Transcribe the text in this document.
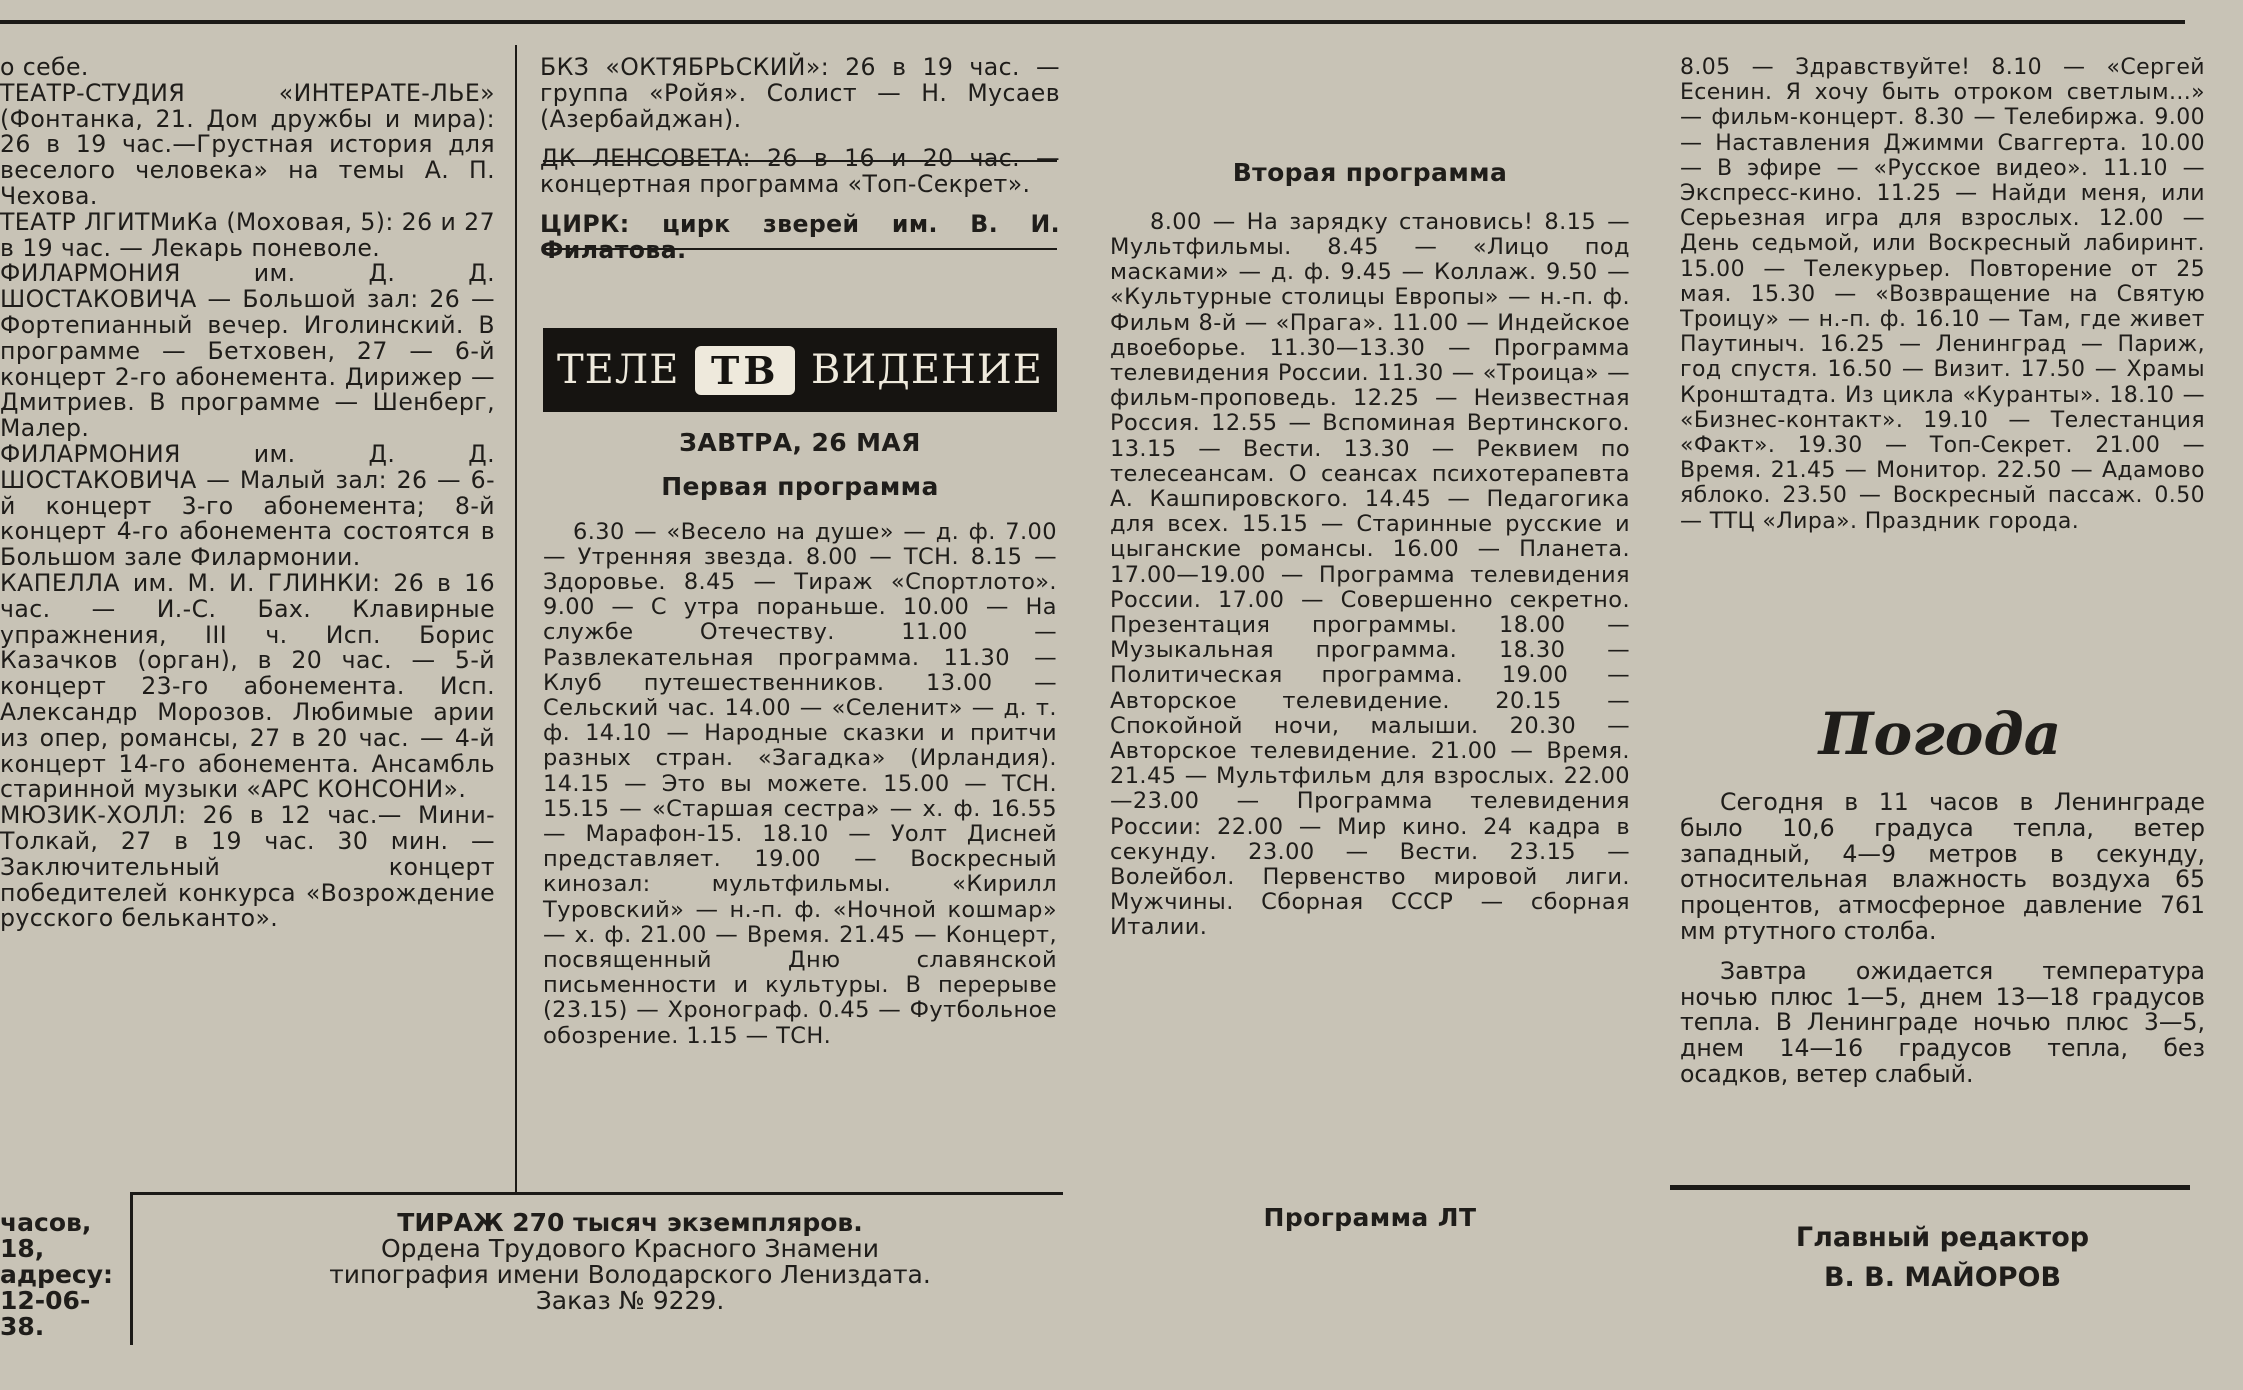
о себе.

ТЕАТР-СТУДИЯ «ИНТЕРАТЕ-ЛЬЕ» (Фонтанка, 21. Дом дружбы и мира): 26 в 19 час.—Грустная история для веселого человека» на темы А. П. Чехова.

ТЕАТР ЛГИТМиКа (Моховая, 5): 26 и 27 в 19 час. — Лекарь поневоле.

ФИЛАРМОНИЯ им. Д. Д. ШОСТАКОВИЧА — Большой зал: 26 — Фортепианный вечер. Иголинский. В программе — Бетховен, 27 — 6-й концерт 2-го абонемента. Дирижер — Дмитриев. В программе — Шенберг, Малер.

ФИЛАРМОНИЯ им. Д. Д. ШОСТАКОВИЧА — Малый зал: 26 — 6-й концерт 3-го абонемента; 8-й концерт 4-го абонемента состоятся в Большом зале Филармонии.

КАПЕЛЛА им. М. И. ГЛИНКИ: 26 в 16 час. — И.-С. Бах. Клавирные упражнения, III ч. Исп. Борис Казачков (орган), в 20 час. — 5-й концерт 23-го абонемента. Исп. Александр Морозов. Любимые арии из опер, романсы, 27 в 20 час. — 4-й концерт 14-го абонемента. Ансамбль старинной музыки «АРС КОНСОНИ».

МЮЗИК-ХОЛЛ: 26 в 12 час.— Мини-Толкай, 27 в 19 час. 30 мин. — Заключительный концерт победителей конкурса «Возрождение русского бельканто».

БКЗ «ОКТЯБРЬСКИЙ»: 26 в 19 час. — группа «Ройя». Солист — Н. Мусаев (Азербайджан).

ДК ЛЕНСОВЕТА: 26 в 16 и 20 час. — концертная программа «Топ-Секрет».

ЦИРК: цирк зверей им. В. И. Филатова.

ТЕЛЕ ТВ ВИДЕНИЕ

ЗАВТРА, 26 МАЯ

Первая программа

6.30 — «Весело на душе» — д. ф. 7.00 — Утренняя звезда. 8.00 — ТСН. 8.15 — Здоровье. 8.45 — Тираж «Спортлото». 9.00 — С утра пораньше. 10.00 — На службе Отечеству. 11.00 — Развлекательная программа. 11.30 — Клуб путешественников. 13.00 — Сельский час. 14.00 — «Селенит» — д. т. ф. 14.10 — Народные сказки и притчи разных стран. «Загадка» (Ирландия). 14.15 — Это вы можете. 15.00 — ТСН. 15.15 — «Старшая сестра» — х. ф. 16.55 — Марафон-15. 18.10 — Уолт Дисней представляет. 19.00 — Воскресный кинозал: мультфильмы. «Кирилл Туровский» — н.-п. ф. «Ночной кошмар» — х. ф. 21.00 — Время. 21.45 — Концерт, посвященный Дню славянской письменности и культуры. В перерыве (23.15) — Хронограф. 0.45 — Футбольное обозрение. 1.15 — ТСН.

Вторая программа

8.00 — На зарядку становись! 8.15 — Мультфильмы. 8.45 — «Лицо под масками» — д. ф. 9.45 — Коллаж. 9.50 — «Культурные столицы Европы» — н.-п. ф. Фильм 8-й — «Прага». 11.00 — Индейское двоеборье. 11.30—13.30 — Программа телевидения России. 11.30 — «Троица» — фильм-проповедь. 12.25 — Неизвестная Россия. 12.55 — Вспоминая Вертинского. 13.15 — Вести. 13.30 — Реквием по телесеансам. О сеансах психотерапевта А. Кашпировского. 14.45 — Педагогика для всех. 15.15 — Старинные русские и цыганские романсы. 16.00 — Планета. 17.00—19.00 — Программа телевидения России. 17.00 — Совершенно секретно. Презентация программы. 18.00 — Музыкальная программа. 18.30 — Политическая программа. 19.00 — Авторское телевидение. 20.15 — Спокойной ночи, малыши. 20.30 — Авторское телевидение. 21.00 — Время. 21.45 — Мультфильм для взрослых. 22.00—23.00 — Программа телевидения России: 22.00 — Мир кино. 24 кадра в секунду. 23.00 — Вести. 23.15 — Волейбол. Первенство мировой лиги. Мужчины. Сборная СССР — сборная Италии.

Программа ЛТ

8.05 — Здравствуйте! 8.10 — «Сергей Есенин. Я хочу быть отроком светлым...» — фильм-концерт. 8.30 — Телебиржа. 9.00 — Наставления Джимми Сваггерта. 10.00 — В эфире — «Русское видео». 11.10 — Экспресс-кино. 11.25 — Найди меня, или Серьезная игра для взрослых. 12.00 — День седьмой, или Воскресный лабиринт. 15.00 — Телекурьер. Повторение от 25 мая. 15.30 — «Возвращение на Святую Троицу» — н.-п. ф. 16.10 — Там, где живет Паутиныч. 16.25 — Ленинград — Париж, год спустя. 16.50 — Визит. 17.50 — Храмы Кронштадта. Из цикла «Куранты». 18.10 — «Бизнес-контакт». 19.10 — Телестанция «Факт». 19.30 — Топ-Секрет. 21.00 — Время. 21.45 — Монитор. 22.50 — Адамово яблоко. 23.50 — Воскресный пассаж. 0.50 — ТТЦ «Лира». Праздник города.

Погода

Сегодня в 11 часов в Ленинграде было 10,6 градуса тепла, ветер западный, 4—9 метров в секунду, относительная влажность воздуха 65 процентов, атмосферное давление 761 мм ртутного столба.

Завтра ожидается температура ночью плюс 1—5, днем 13—18 градусов тепла. В Ленинграде ночью плюс 3—5, днем 14—16 градусов тепла, без осадков, ветер слабый.

часов,

18,

адресу:

12-06-38.

ТИРАЖ 270 тысяч экземпляров.

Ордена Трудового Красного Знамени

типография имени Володарского Лениздата.

Заказ № 9229.

Главный редактор

В. В. МАЙОРОВ
